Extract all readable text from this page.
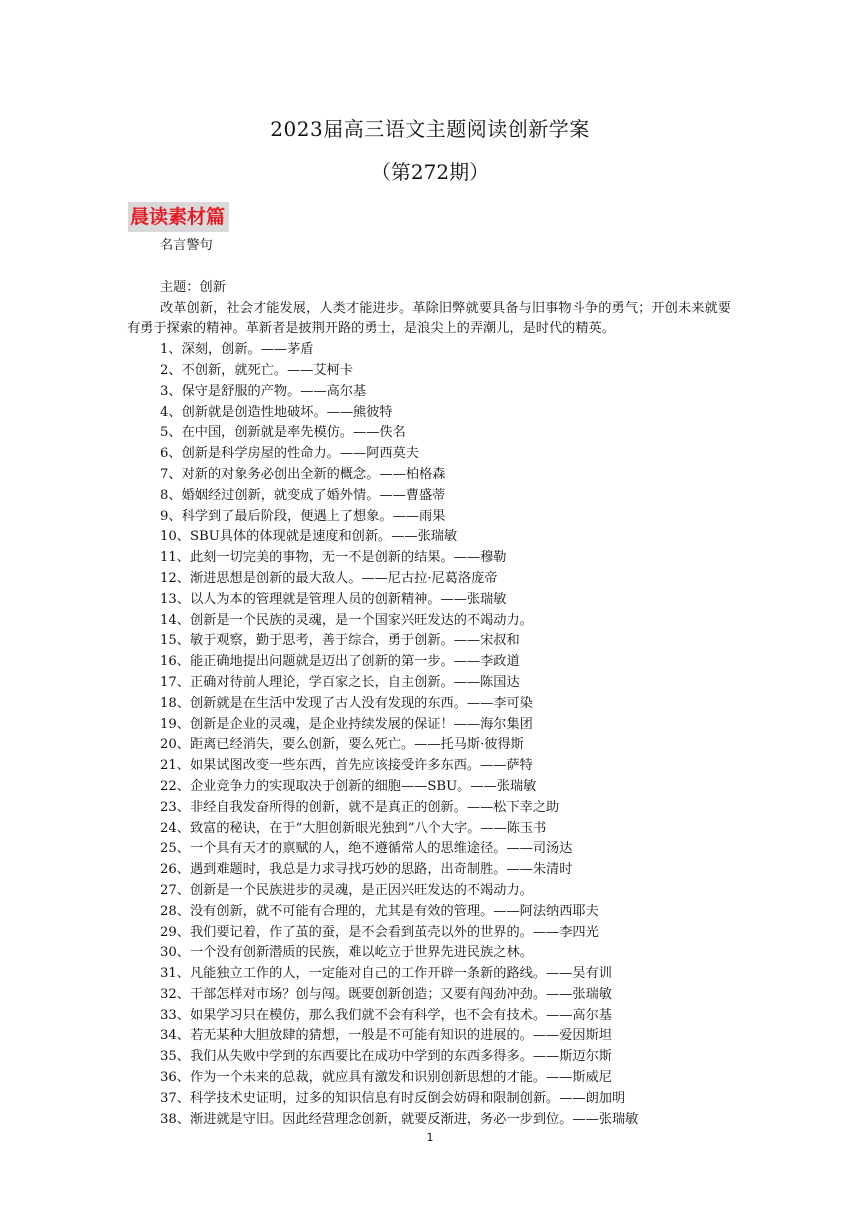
2023届高三语文主题阅读创新学案
（第272期）
晨读素材篇

名言警句

主题：创新

改革创新，社会才能发展，人类才能进步。革除旧弊就要具备与旧事物斗争的勇气；开创未来就要有勇于探索的精神。革新者是披荆开路的勇士，是浪尖上的弄潮儿，是时代的精英。

1、深刻，创新。——茅盾

2、不创新，就死亡。——艾柯卡

3、保守是舒服的产物。——高尔基

4、创新就是创造性地破坏。——熊彼特

5、在中国，创新就是率先模仿。——佚名

6、创新是科学房屋的性命力。——阿西莫夫

7、对新的对象务必创出全新的概念。——柏格森

8、婚姻经过创新，就变成了婚外情。——曹盛蒂

9、科学到了最后阶段，便遇上了想象。——雨果

10、SBU具体的体现就是速度和创新。——张瑞敏

11、此刻一切完美的事物，无一不是创新的结果。——穆勒

12、渐进思想是创新的最大敌人。——尼古拉·尼葛洛庞帝

13、以人为本的管理就是管理人员的创新精神。——张瑞敏

14、创新是一个民族的灵魂，是一个国家兴旺发达的不竭动力。

15、敏于观察，勤于思考，善于综合，勇于创新。——宋叔和

16、能正确地提出问题就是迈出了创新的第一步。——李政道

17、正确对待前人理论，学百家之长，自主创新。——陈国达

18、创新就是在生活中发现了古人没有发现的东西。——李可染

19、创新是企业的灵魂，是企业持续发展的保证！——海尔集团

20、距离已经消失，要么创新，要么死亡。——托马斯·彼得斯

21、如果试图改变一些东西，首先应该接受许多东西。——萨特

22、企业竞争力的实现取决于创新的细胞——SBU。——张瑞敏

23、非经自我发奋所得的创新，就不是真正的创新。——松下幸之助

24、致富的秘诀，在于“大胆创新眼光独到”八个大字。——陈玉书

25、一个具有天才的禀赋的人，绝不遵循常人的思维途径。——司汤达

26、遇到难题时，我总是力求寻找巧妙的思路，出奇制胜。——朱清时

27、创新是一个民族进步的灵魂，是正因兴旺发达的不竭动力。

28、没有创新，就不可能有合理的，尤其是有效的管理。——阿法纳西耶夫

29、我们要记着，作了茧的蚕，是不会看到茧壳以外的世界的。——李四光

30、一个没有创新潜质的民族，难以屹立于世界先进民族之林。

31、凡能独立工作的人，一定能对自己的工作开辟一条新的路线。——吴有训

32、干部怎样对市场？创与闯。既要创新创造；又要有闯劲冲劲。——张瑞敏

33、如果学习只在模仿，那么我们就不会有科学，也不会有技术。——高尔基

34、若无某种大胆放肆的猜想，一般是不可能有知识的进展的。——爱因斯坦

35、我们从失败中学到的东西要比在成功中学到的东西多得多。——斯迈尔斯

36、作为一个未来的总裁，就应具有激发和识别创新思想的才能。——斯威尼

37、科学技术史证明，过多的知识信息有时反倒会妨碍和限制创新。——朗加明

38、渐进就是守旧。因此经营理念创新，就要反渐进，务必一步到位。——张瑞敏

1
